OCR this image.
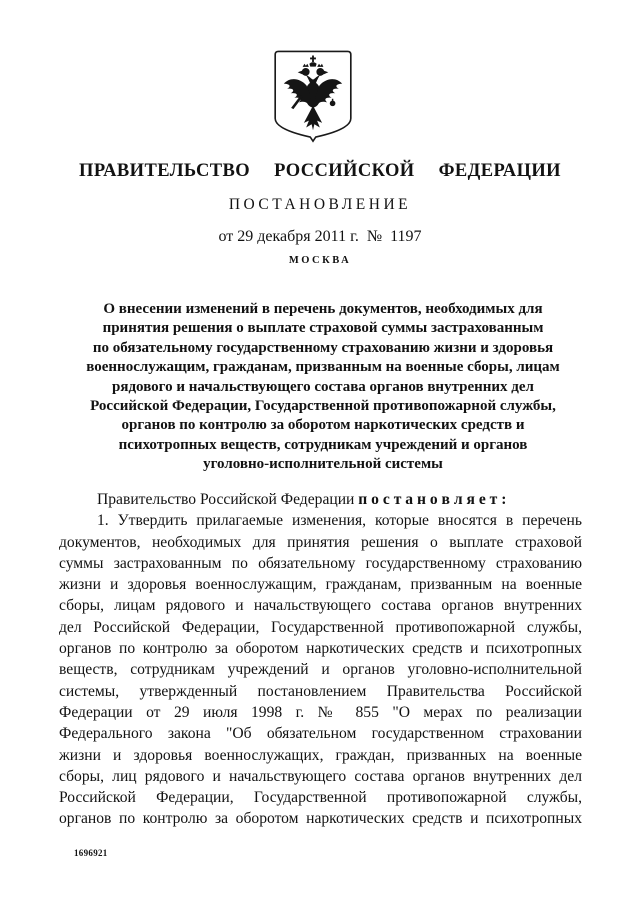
ПРАВИТЕЛЬСТВО  РОССИЙСКОЙ  ФЕДЕРАЦИИ
ПОСТАНОВЛЕНИЕ
от 29 декабря 2011 г.  №  1197
МОСКВА
О внесении изменений в перечень документов, необходимых для
принятия решения о выплате страховой суммы застрахованным
по обязательному государственному страхованию жизни и здоровья
военнослужащим, гражданам, призванным на военные сборы, лицам
рядового и начальствующего состава органов внутренних дел
Российской Федерации, Государственной противопожарной службы,
органов по контролю за оборотом наркотических средств и
психотропных веществ, сотрудникам учреждений и органов
уголовно-исполнительной системы
Правительство Российской Федерации п о с т а н о в л я е т :
1. Утвердить прилагаемые изменения, которые вносятся в перечень
документов, необходимых для принятия решения о выплате страховой
суммы застрахованным по обязательному государственному страхованию
жизни и здоровья военнослужащим, гражданам, призванным на военные
сборы, лицам рядового и начальствующего состава органов внутренних
дел Российской Федерации, Государственной противопожарной службы,
органов по контролю за оборотом наркотических средств и психотропных
веществ, сотрудникам учреждений и органов уголовно-исполнительной
системы, утвержденный постановлением Правительства Российской
Федерации от 29 июля 1998 г. № 855 "О мерах по реализации
Федерального закона "Об обязательном государственном страховании
жизни и здоровья военнослужащих, граждан, призванных на военные
сборы, лиц рядового и начальствующего состава органов внутренних дел
Российской Федерации, Государственной противопожарной службы,
органов по контролю за оборотом наркотических средств и психотропных
1696921
